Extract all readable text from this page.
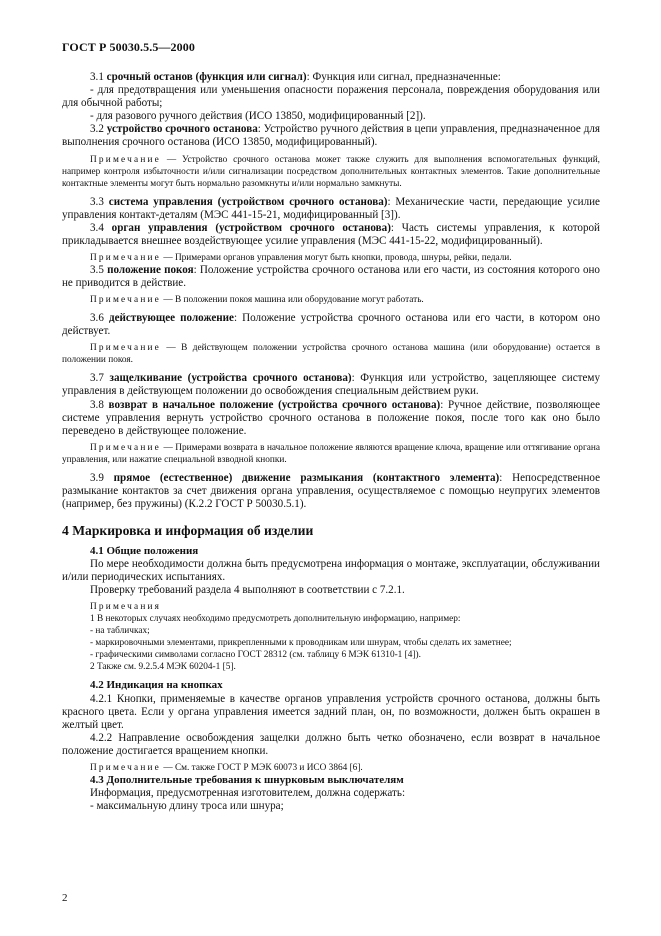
ГОСТ Р 50030.5.5—2000

3.1 срочный останов (функция или сигнал): Функция или сигнал, предназначенные:

- для предотвращения или уменьшения опасности поражения персонала, повреждения оборудования или для обычной работы;

- для разового ручного действия (ИСО 13850, модифицированный [2]).

3.2 устройство срочного останова: Устройство ручного действия в цепи управления, предназначенное для выполнения срочного останова (ИСО 13850, модифицированный).

Примечание — Устройство срочного останова может также служить для выполнения вспомогательных функций, например контроля избыточности и/или сигнализации посредством дополнительных контактных элементов. Такие дополнительные контактные элементы могут быть нормально разомкнуты и/или нормально замкнуты.

3.3 система управления (устройством срочного останова): Механические части, передающие усилие управления контакт-деталям (МЭС 441-15-21, модифицированный [3]).

3.4 орган управления (устройством срочного останова): Часть системы управления, к которой прикладывается внешнее воздействующее усилие управления (МЭС 441-15-22, модифицированный).

Примечание — Примерами органов управления могут быть кнопки, провода, шнуры, рейки, педали.

3.5 положение покоя: Положение устройства срочного останова или его части, из состояния которого оно не приводится в действие.

Примечание — В положении покоя машина или оборудование могут работать.

3.6 действующее положение: Положение устройства срочного останова или его части, в котором оно действует.

Примечание — В действующем положении устройства срочного останова машина (или оборудование) остается в положении покоя.

3.7 защелкивание (устройства срочного останова): Функция или устройство, зацепляющее систему управления в действующем положении до освобождения специальным действием руки.

3.8 возврат в начальное положение (устройства срочного останова): Ручное действие, позволяющее системе управления вернуть устройство срочного останова в положение покоя, после того как оно было переведено в действующее положение.

Примечание — Примерами возврата в начальное положение являются вращение ключа, вращение или оттягивание органа управления, или нажатие специальной взводной кнопки.

3.9 прямое (естественное) движение размыкания (контактного элемента): Непосредственное размыкание контактов за счет движения органа управления, осуществляемое с помощью неупругих элементов (например, без пружины) (К.2.2 ГОСТ Р 50030.5.1).

4 Маркировка и информация об изделии

4.1 Общие положения

По мере необходимости должна быть предусмотрена информация о монтаже, эксплуатации, обслуживании и/или периодических испытаниях.

Проверку требований раздела 4 выполняют в соответствии с 7.2.1.

Примечания

1 В некоторых случаях необходимо предусмотреть дополнительную информацию, например:

- на табличках;

- маркировочными элементами, прикрепленными к проводникам или шнурам, чтобы сделать их заметнее;

- графическими символами согласно ГОСТ 28312 (см. таблицу 6 МЭК 61310-1 [4]).

2 Также см. 9.2.5.4 МЭК 60204-1 [5].

4.2 Индикация на кнопках

4.2.1 Кнопки, применяемые в качестве органов управления устройств срочного останова, должны быть красного цвета. Если у органа управления имеется задний план, он, по возможности, должен быть окрашен в желтый цвет.

4.2.2 Направление освобождения защелки должно быть четко обозначено, если возврат в начальное положение достигается вращением кнопки.

Примечание — См. также ГОСТ Р МЭК 60073 и ИСО 3864 [6].

4.3 Дополнительные требования к шнурковым выключателям

Информация, предусмотренная изготовителем, должна содержать:

- максимальную длину троса или шнура;

2
